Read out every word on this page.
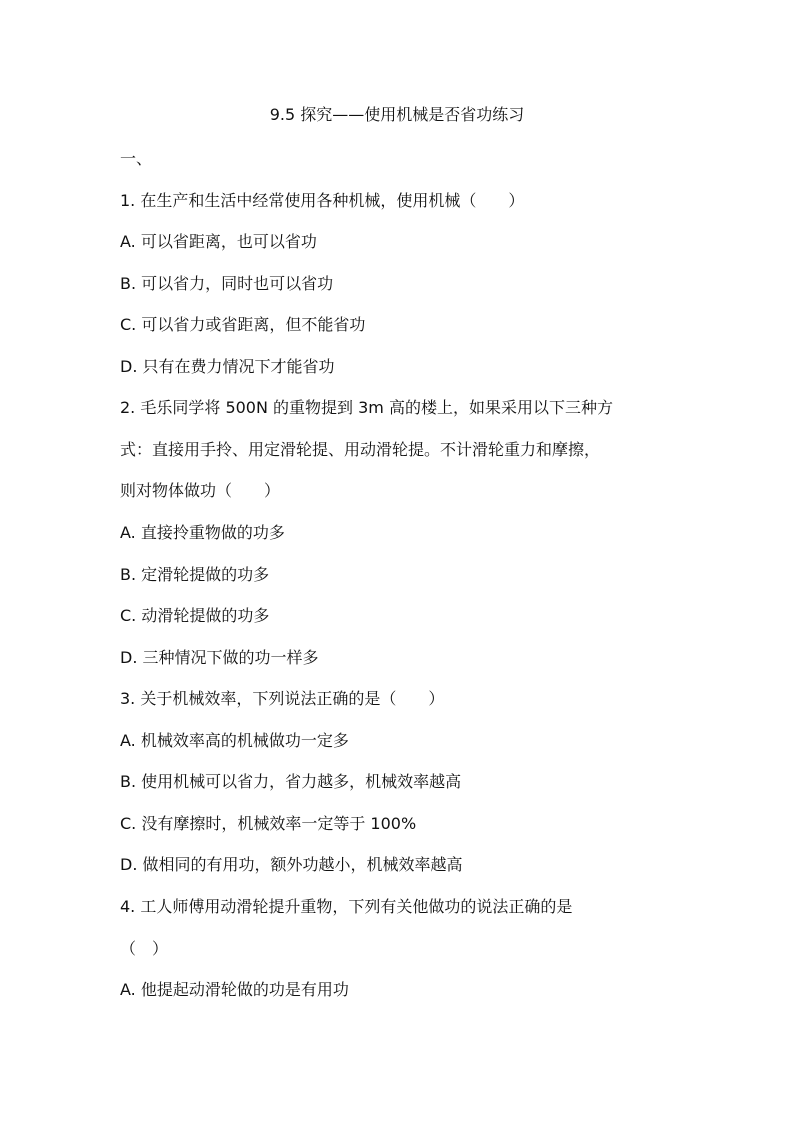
9.5 探究——使用机械是否省功练习
一、
1. 在生产和生活中经常使用各种机械，使用机械（　　）
A. 可以省距离，也可以省功
B. 可以省力，同时也可以省功
C. 可以省力或省距离，但不能省功
D. 只有在费力情况下才能省功
2. 毛乐同学将 500N 的重物提到 3m 高的楼上，如果采用以下三种方
式：直接用手拎、用定滑轮提、用动滑轮提。不计滑轮重力和摩擦，
则对物体做功（　　）
A. 直接拎重物做的功多
B. 定滑轮提做的功多
C. 动滑轮提做的功多
D. 三种情况下做的功一样多
3. 关于机械效率，下列说法正确的是（　　）
A. 机械效率高的机械做功一定多
B. 使用机械可以省力，省力越多，机械效率越高
C. 没有摩擦时，机械效率一定等于 100%
D. 做相同的有用功，额外功越小，机械效率越高
4. 工人师傅用动滑轮提升重物，下列有关他做功的说法正确的是
（　）
A. 他提起动滑轮做的功是有用功
